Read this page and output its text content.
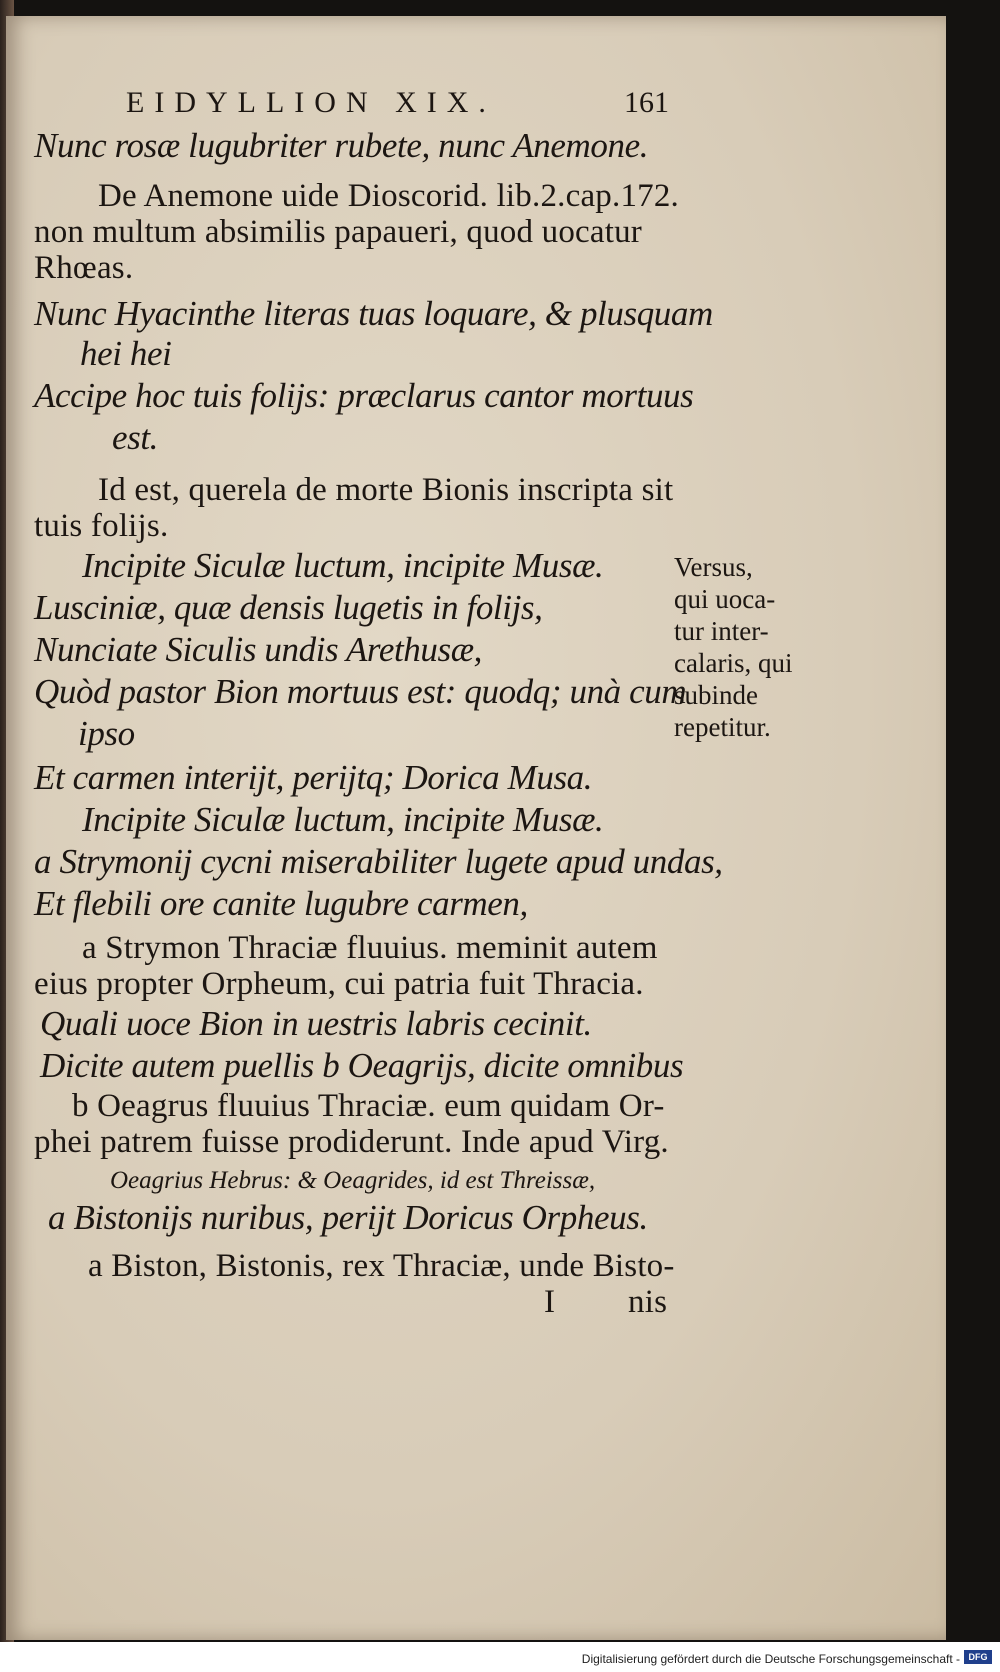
EIDYLLION XIX.	161
Nunc rosæ lugubriter rubete, nunc Anemone.
De Anemone uide Dioscorid. lib.2.cap.172.
non multum absimilis papaueri, quod uocatur
Rhœas.
Nunc Hyacinthe literas tuas loquare, & plusquam
hei hei
Accipe hoc tuis folijs: præclarus cantor mortuus
est.
Id est, querela de morte Bionis inscripta sit
tuis folijs.
Incipite Siculæ luctum, incipite Musæ.
Lusciniæ, quæ densis lugetis in folijs,
Nunciate Siculis undis Arethusæ,
Quòd pastor Bion mortuus est: quodq; unà cum
ipso
Et carmen interijt, perijtq; Dorica Musa.
Incipite Siculæ luctum, incipite Musæ.
a Strymonij cycni miserabiliter lugete apud undas,
Et flebili ore canite lugubre carmen,
a Strymon Thraciæ fluuius. meminit autem
eius propter Orpheum, cui patria fuit Thracia.
Quali uoce Bion in uestris labris cecinit.
Dicite autem puellis b Oeagrijs, dicite omnibus
b Oeagrus fluuius Thraciæ. eum quidam Or-
phei patrem fuisse prodiderunt. Inde apud Virg.
Oeagrius Hebrus: & Oeagrides, id est Threissæ,
a Bistonijs nuribus, perijt Doricus Orpheus.
a Biston, Bistonis, rex Thraciæ, unde Bisto-
I nis
Versus,
qui uoca-
tur inter-
calaris, qui
subinde
repetitur.
Digitalisierung gefördert durch die Deutsche Forschungsgemeinschaft - DFG
